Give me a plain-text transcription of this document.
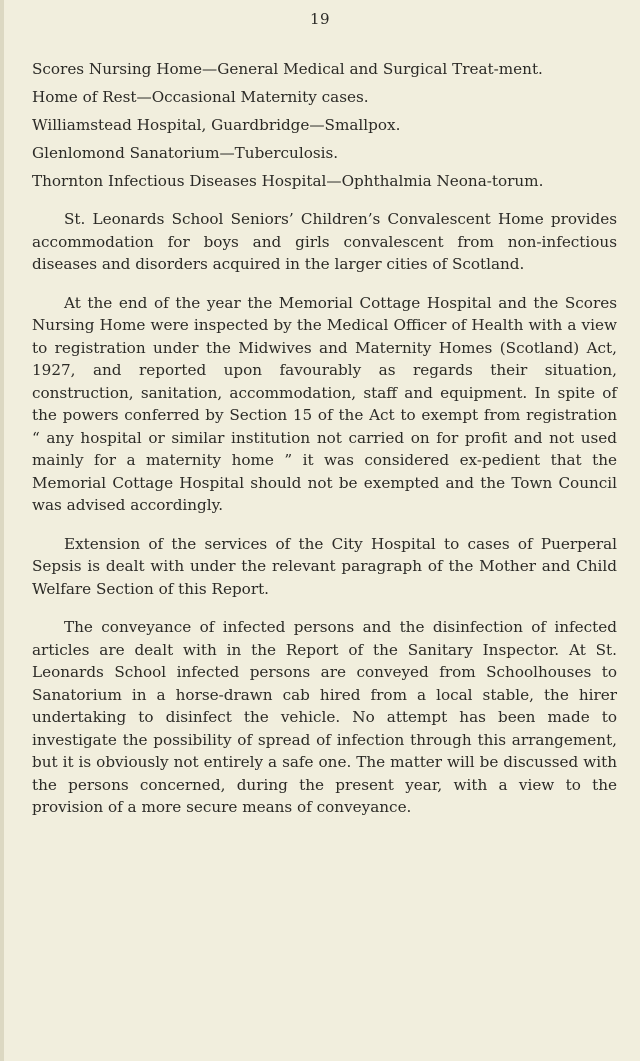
19

Scores Nursing Home—General Medical and Surgical Treat-ment.

Home of Rest—Occasional Maternity cases.

Williamstead Hospital, Guardbridge—Smallpox.

Glenlomond Sanatorium—Tuberculosis.

Thornton Infectious Diseases Hospital—Ophthalmia Neona-torum.

St. Leonards School Seniors’ Children’s Convalescent Home provides accommodation for boys and girls convalescent from non-infectious diseases and disorders acquired in the larger cities of Scotland.

At the end of the year the Memorial Cottage Hospital and the Scores Nursing Home were inspected by the Medical Officer of Health with a view to registration under the Midwives and Maternity Homes (Scotland) Act, 1927, and reported upon favourably as regards their situation, construction, sanitation, accommodation, staff and equipment. In spite of the powers conferred by Section 15 of the Act to exempt from registration “ any hospital or similar institution not carried on for profit and not used mainly for a maternity home ” it was considered ex-pedient that the Memorial Cottage Hospital should not be exempted and the Town Council was advised accordingly.

Extension of the services of the City Hospital to cases of Puerperal Sepsis is dealt with under the relevant paragraph of the Mother and Child Welfare Section of this Report.

The conveyance of infected persons and the disinfection of infected articles are dealt with in the Report of the Sanitary Inspector. At St. Leonards School infected persons are conveyed from Schoolhouses to Sanatorium in a horse-drawn cab hired from a local stable, the hirer undertaking to disinfect the vehicle. No attempt has been made to investigate the possibility of spread of infection through this arrangement, but it is obviously not entirely a safe one. The matter will be discussed with the persons concerned, during the present year, with a view to the provision of a more secure means of conveyance.
